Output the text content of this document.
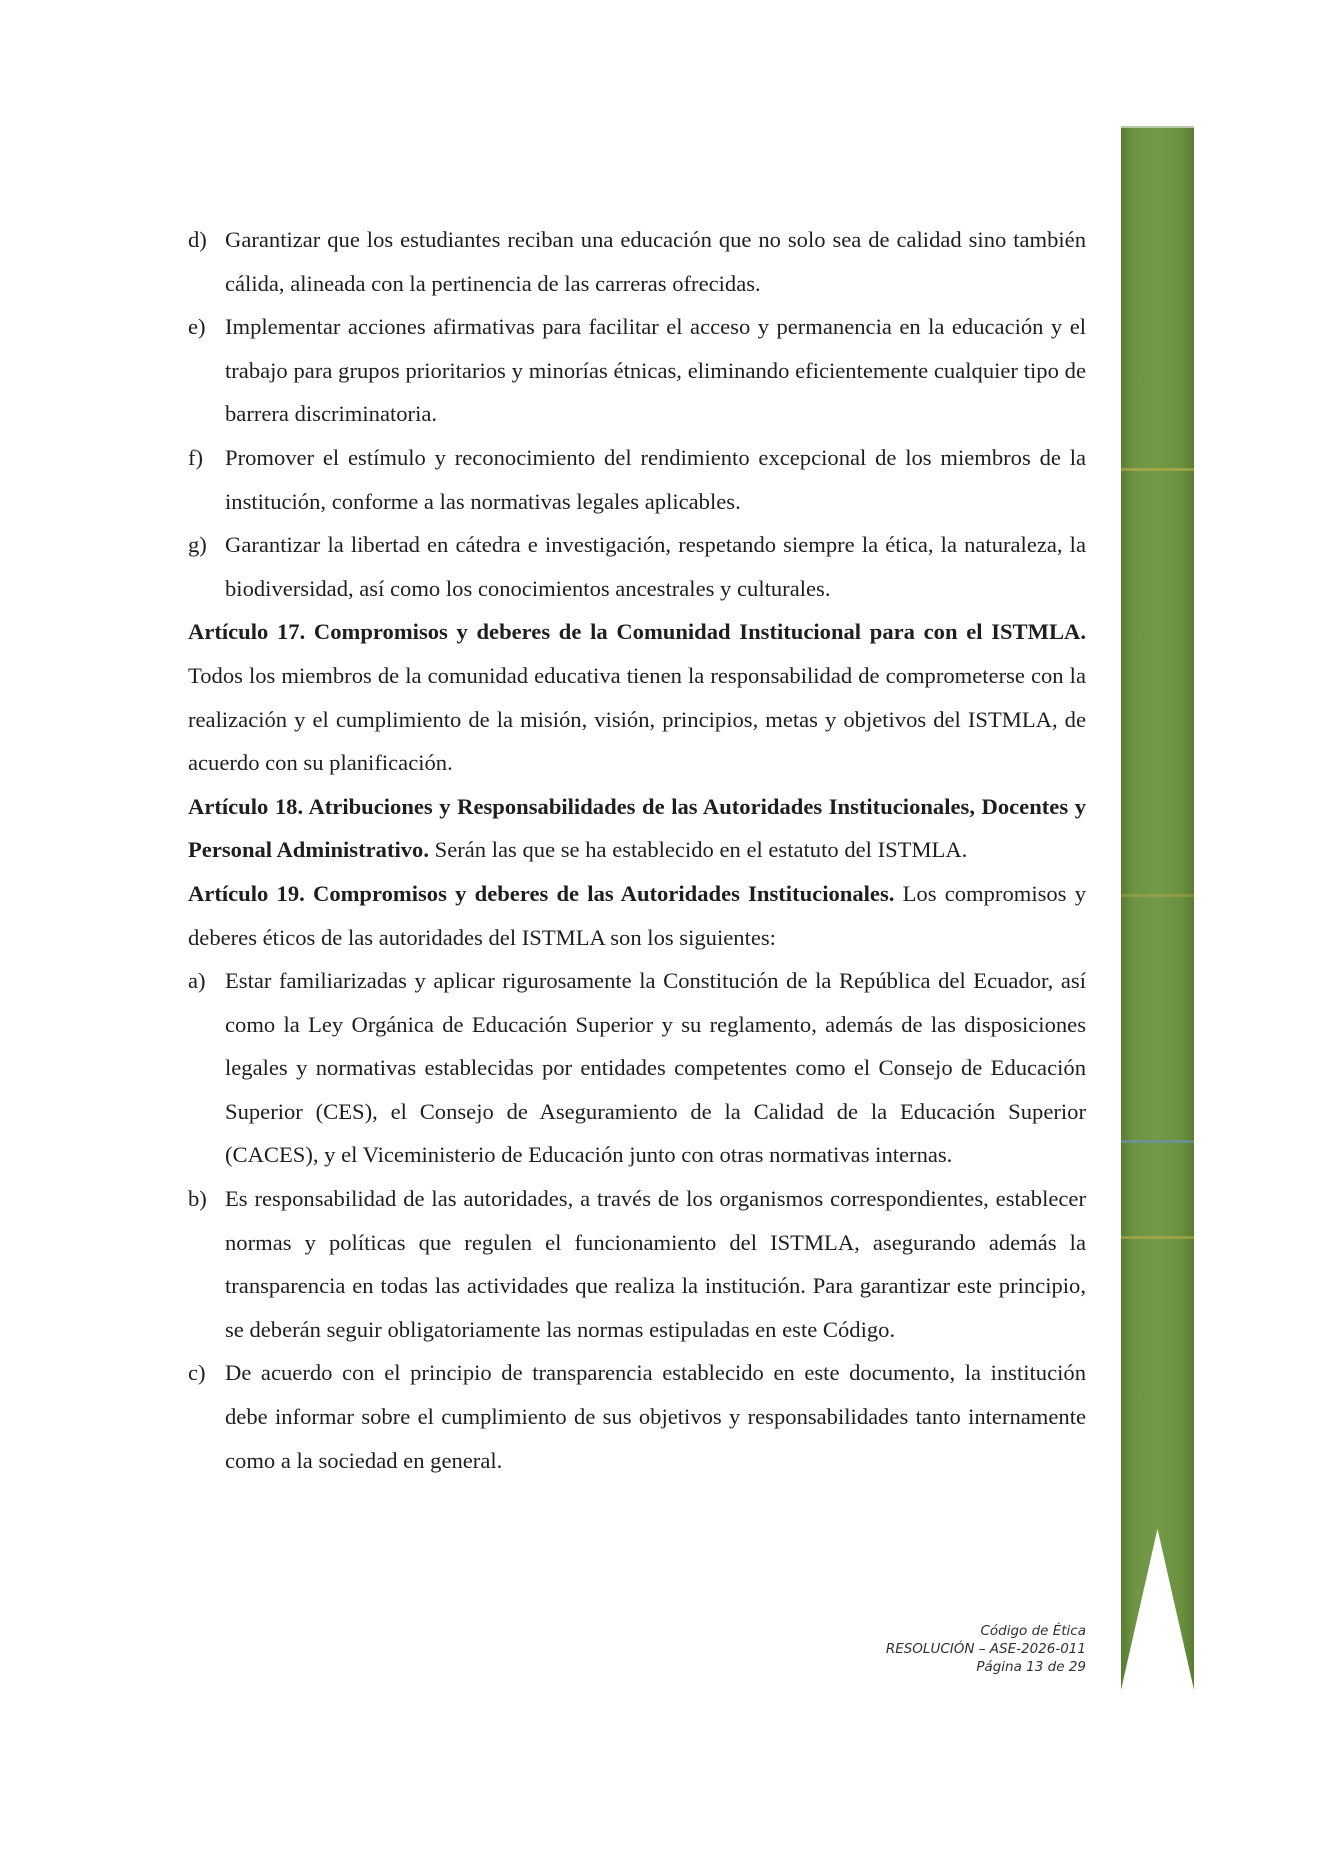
d) Garantizar que los estudiantes reciban una educación que no solo sea de calidad sino también cálida, alineada con la pertinencia de las carreras ofrecidas.
e) Implementar acciones afirmativas para facilitar el acceso y permanencia en la educación y el trabajo para grupos prioritarios y minorías étnicas, eliminando eficientemente cualquier tipo de barrera discriminatoria.
f) Promover el estímulo y reconocimiento del rendimiento excepcional de los miembros de la institución, conforme a las normativas legales aplicables.
g) Garantizar la libertad en cátedra e investigación, respetando siempre la ética, la naturaleza, la biodiversidad, así como los conocimientos ancestrales y culturales.
Artículo 17. Compromisos y deberes de la Comunidad Institucional para con el ISTMLA. Todos los miembros de la comunidad educativa tienen la responsabilidad de comprometerse con la realización y el cumplimiento de la misión, visión, principios, metas y objetivos del ISTMLA, de acuerdo con su planificación.
Artículo 18. Atribuciones y Responsabilidades de las Autoridades Institucionales, Docentes y Personal Administrativo. Serán las que se ha establecido en el estatuto del ISTMLA.
Artículo 19. Compromisos y deberes de las Autoridades Institucionales. Los compromisos y deberes éticos de las autoridades del ISTMLA son los siguientes:
a) Estar familiarizadas y aplicar rigurosamente la Constitución de la República del Ecuador, así como la Ley Orgánica de Educación Superior y su reglamento, además de las disposiciones legales y normativas establecidas por entidades competentes como el Consejo de Educación Superior (CES), el Consejo de Aseguramiento de la Calidad de la Educación Superior (CACES), y el Viceministerio de Educación junto con otras normativas internas.
b) Es responsabilidad de las autoridades, a través de los organismos correspondientes, establecer normas y políticas que regulen el funcionamiento del ISTMLA, asegurando además la transparencia en todas las actividades que realiza la institución. Para garantizar este principio, se deberán seguir obligatoriamente las normas estipuladas en este Código.
c) De acuerdo con el principio de transparencia establecido en este documento, la institución debe informar sobre el cumplimiento de sus objetivos y responsabilidades tanto internamente como a la sociedad en general.
Código de Ética
RESOLUCIÓN – ASE-2026-011
Página 13 de 29
